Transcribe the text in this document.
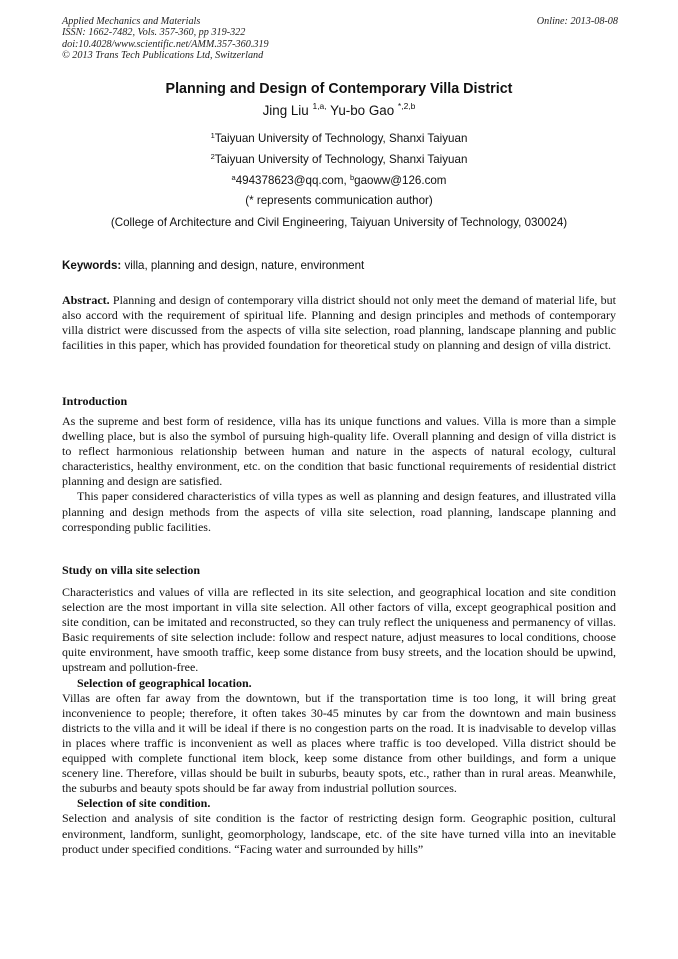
Applied Mechanics and Materials
ISSN: 1662-7482, Vols. 357-360, pp 319-322
doi:10.4028/www.scientific.net/AMM.357-360.319
© 2013 Trans Tech Publications Ltd, Switzerland
Online: 2013-08-08
Planning and Design of Contemporary Villa District
Jing Liu $^{1,a,}$ Yu-bo Gao $^{*,2,b}$
$^1$Taiyuan University of Technology, Shanxi Taiyuan
$^2$Taiyuan University of Technology, Shanxi Taiyuan
$^a$494378623@qq.com, $^b$gaoww@126.com
(* represents communication author)
(College of Architecture and Civil Engineering, Taiyuan University of Technology, 030024)
Keywords: villa, planning and design, nature, environment

Abstract. Planning and design of contemporary villa district should not only meet the demand of material life, but also accord with the requirement of spiritual life. Planning and design principles and methods of contemporary villa district were discussed from the aspects of villa site selection, road planning, landscape planning and public facilities in this paper, which has provided foundation for theoretical study on planning and design of villa district.

Introduction

As the supreme and best form of residence, villa has its unique functions and values. Villa is more than a simple dwelling place, but is also the symbol of pursuing high-quality life. Overall planning and design of villa district is to reflect harmonious relationship between human and nature in the aspects of natural ecology, cultural characteristics, healthy environment, etc. on the condition that basic functional requirements of residential district planning and design are satisfied.

This paper considered characteristics of villa types as well as planning and design features, and illustrated villa planning and design methods from the aspects of villa site selection, road planning, landscape planning and corresponding public facilities.

Study on villa site selection

Characteristics and values of villa are reflected in its site selection, and geographical location and site condition selection are the most important in villa site selection. All other factors of villa, except geographical position and site condition, can be imitated and reconstructed, so they can truly reflect the uniqueness and permanency of villas. Basic requirements of site selection include: follow and respect nature, adjust measures to local conditions, choose quite environment, have smooth traffic, keep some distance from busy streets, and the location should be upwind, upstream and pollution-free.

Selection of geographical location.

Villas are often far away from the downtown, but if the transportation time is too long, it will bring great inconvenience to people; therefore, it often takes 30-45 minutes by car from the downtown and main business districts to the villa and it will be ideal if there is no congestion parts on the road. It is inadvisable to develop villas in places where traffic is inconvenient as well as places where traffic is too developed. Villa district should be equipped with complete functional item block, keep some distance from other buildings, and form a unique scenery line. Therefore, villas should be built in suburbs, beauty spots, etc., rather than in rural areas. Meanwhile, the suburbs and beauty spots should be far away from industrial pollution sources.

Selection of site condition.

Selection and analysis of site condition is the factor of restricting design form. Geographic position, cultural environment, landform, sunlight, geomorphology, landscape, etc. of the site have turned villa into an inevitable product under specified conditions. “Facing water and surrounded by hills”
